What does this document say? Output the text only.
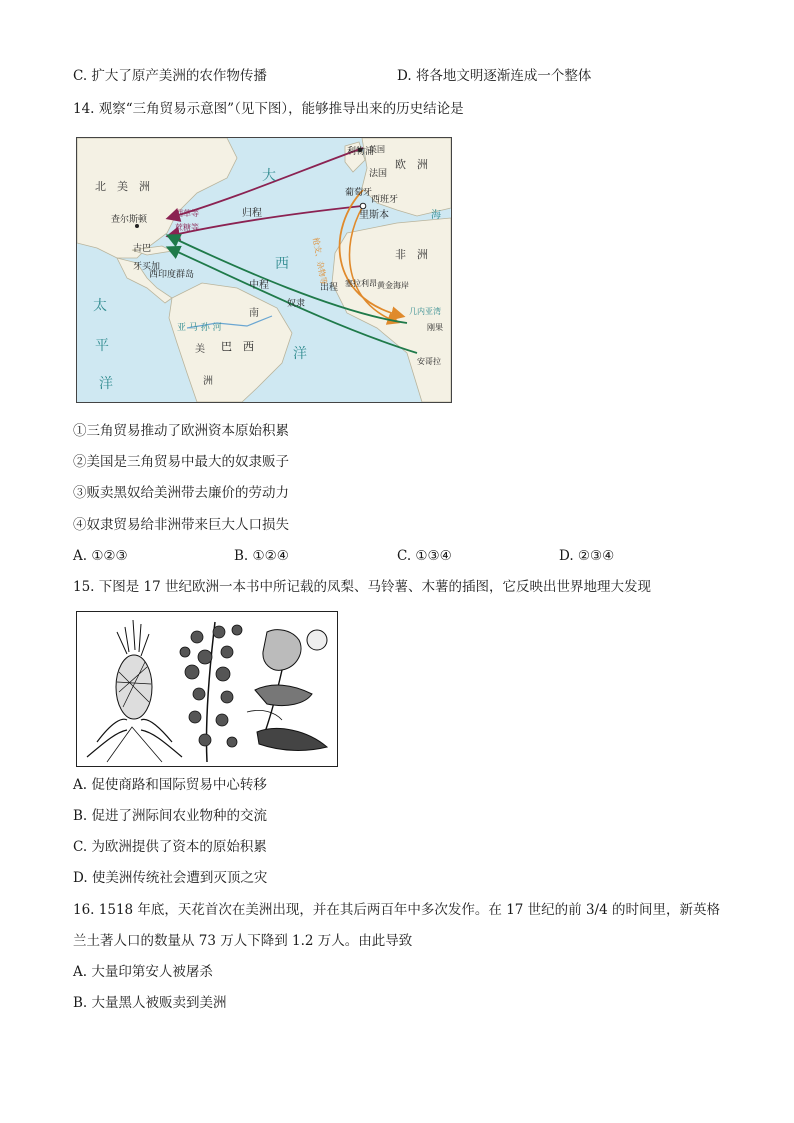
C. 扩大了原产美洲的农作物传播	D. 将各地文明逐渐连成一个整体
14. 观察“三角贸易示意图”（见下图），能够推导出来的历史结论是
北　美　洲
欧　洲
非　洲
南
美
洲
巴　西
亚 马 孙 河
大
西
洋
太
平
洋
海
几内亚湾
英国
利物浦
法国
葡萄牙
西班牙
里斯本
查尔斯顿
古巴
牙买加
西印度群岛
塞拉利昂 黄金海岸
刚果
安哥拉
归程
烟草等
蔗糖等
出程
枪支、杂物等
中程
奴隶
①三角贸易推动了欧洲资本原始积累
②美国是三角贸易中最大的奴隶贩子
③贩卖黑奴给美洲带去廉价的劳动力
④奴隶贸易给非洲带来巨大人口损失
A. ①②③	B. ①②④	C. ①③④	D. ②③④
15. 下图是 17 世纪欧洲一本书中所记载的凤梨、马铃薯、木薯的插图，它反映出世界地理大发现
A. 促使商路和国际贸易中心转移
B. 促进了洲际间农业物种的交流
C. 为欧洲提供了资本的原始积累
D. 使美洲传统社会遭到灭顶之灾
16. 1518 年底，天花首次在美洲出现，并在其后两百年中多次发作。在 17 世纪的前 3/4 的时间里，新英格
兰土著人口的数量从 73 万人下降到 1.2 万人。由此导致
A. 大量印第安人被屠杀
B. 大量黑人被贩卖到美洲
